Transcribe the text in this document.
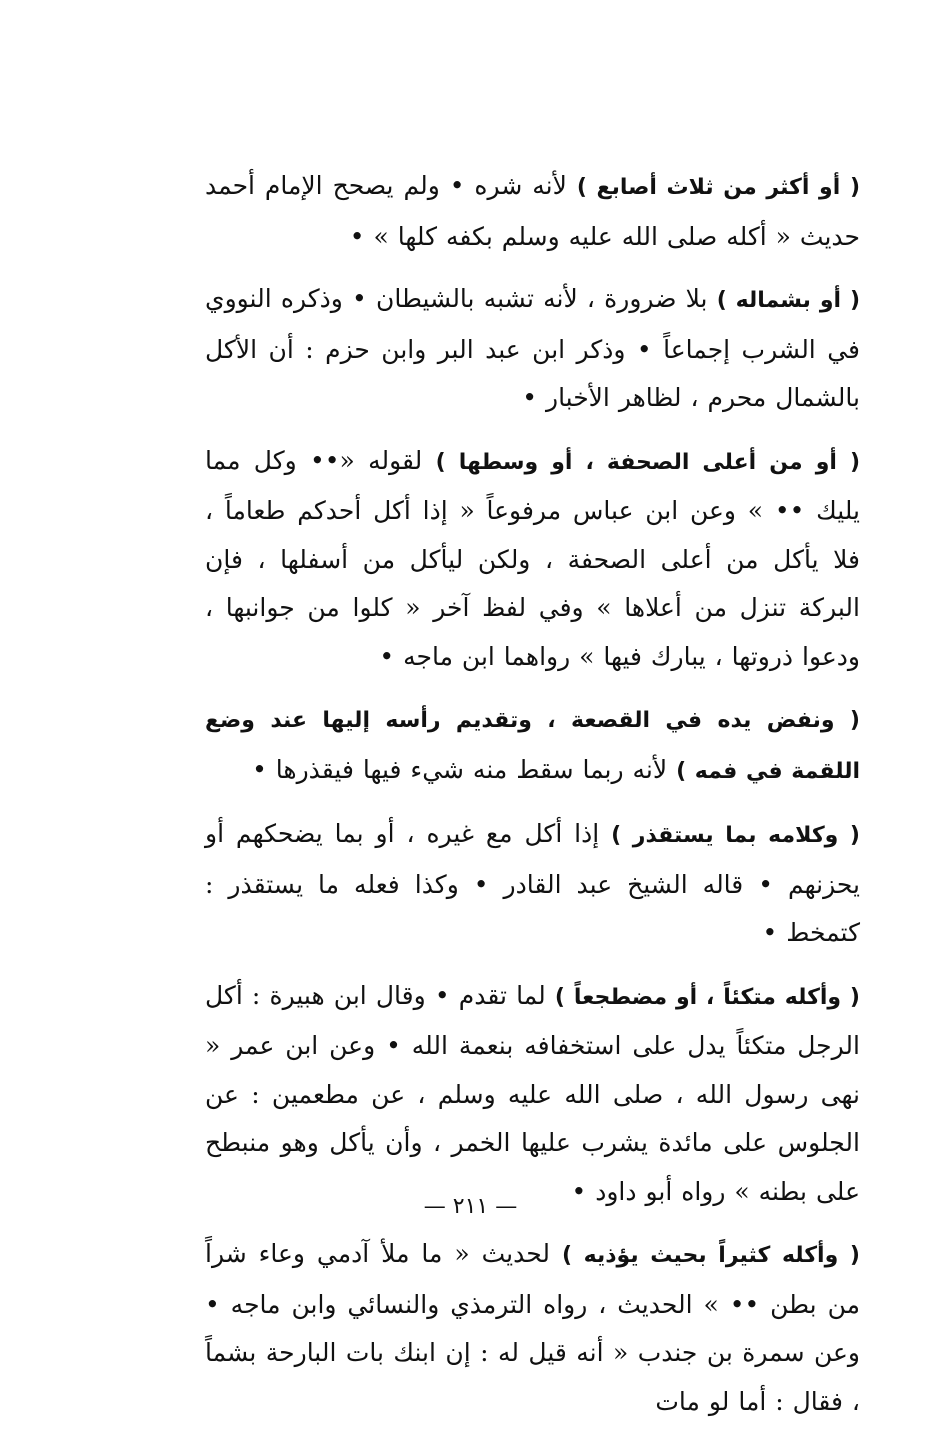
( أو أكثر من ثلاث أصابع ) لأنه شره • ولم يصحح الإمام أحمد حديث « أكله صلى الله عليه وسلم بكفه كلها » •

( أو بشماله ) بلا ضرورة ، لأنه تشبه بالشيطان • وذكره النووي في الشرب إجماعاً • وذكر ابن عبد البر وابن حزم : أن الأكل بالشمال محرم ، لظاهر الأخبار •

( أو من أعلى الصحفة ، أو وسطها ) لقوله «•• وكل مما يليك •• » وعن ابن عباس مرفوعاً « إذا أكل أحدكم طعاماً ، فلا يأكل من أعلى الصحفة ، ولكن ليأكل من أسفلها ، فإن البركة تنزل من أعلاها » وفي لفظ آخر « كلوا من جوانبها ، ودعوا ذروتها ، يبارك فيها » رواهما ابن ماجه •

( ونفض يده في القصعة ، وتقديم رأسه إليها عند وضع اللقمة في فمه ) لأنه ربما سقط منه شيء فيها فيقذرها •

( وكلامه بما يستقذر ) إذا أكل مع غيره ، أو بما يضحكهم أو يحزنهم • قاله الشيخ عبد القادر • وكذا فعله ما يستقذر : كتمخط •

( وأكله متكئاً ، أو مضطجعاً ) لما تقدم • وقال ابن هبيرة : أكل الرجل متكئاً يدل على استخفافه بنعمة الله • وعن ابن عمر « نهى رسول الله ، صلى الله عليه وسلم ، عن مطعمين : عن الجلوس على مائدة يشرب عليها الخمر ، وأن يأكل وهو منبطح على بطنه » رواه أبو داود •

( وأكله كثيراً بحيث يؤذيه ) لحديث « ما ملأ آدمي وعاء شراً من بطن •• » الحديث ، رواه الترمذي والنسائي وابن ماجه • وعن سمرة بن جندب « أنه قيل له : إن ابنك بات البارحة بشماً ، فقال : أما لو مات

— ٢١١ —
